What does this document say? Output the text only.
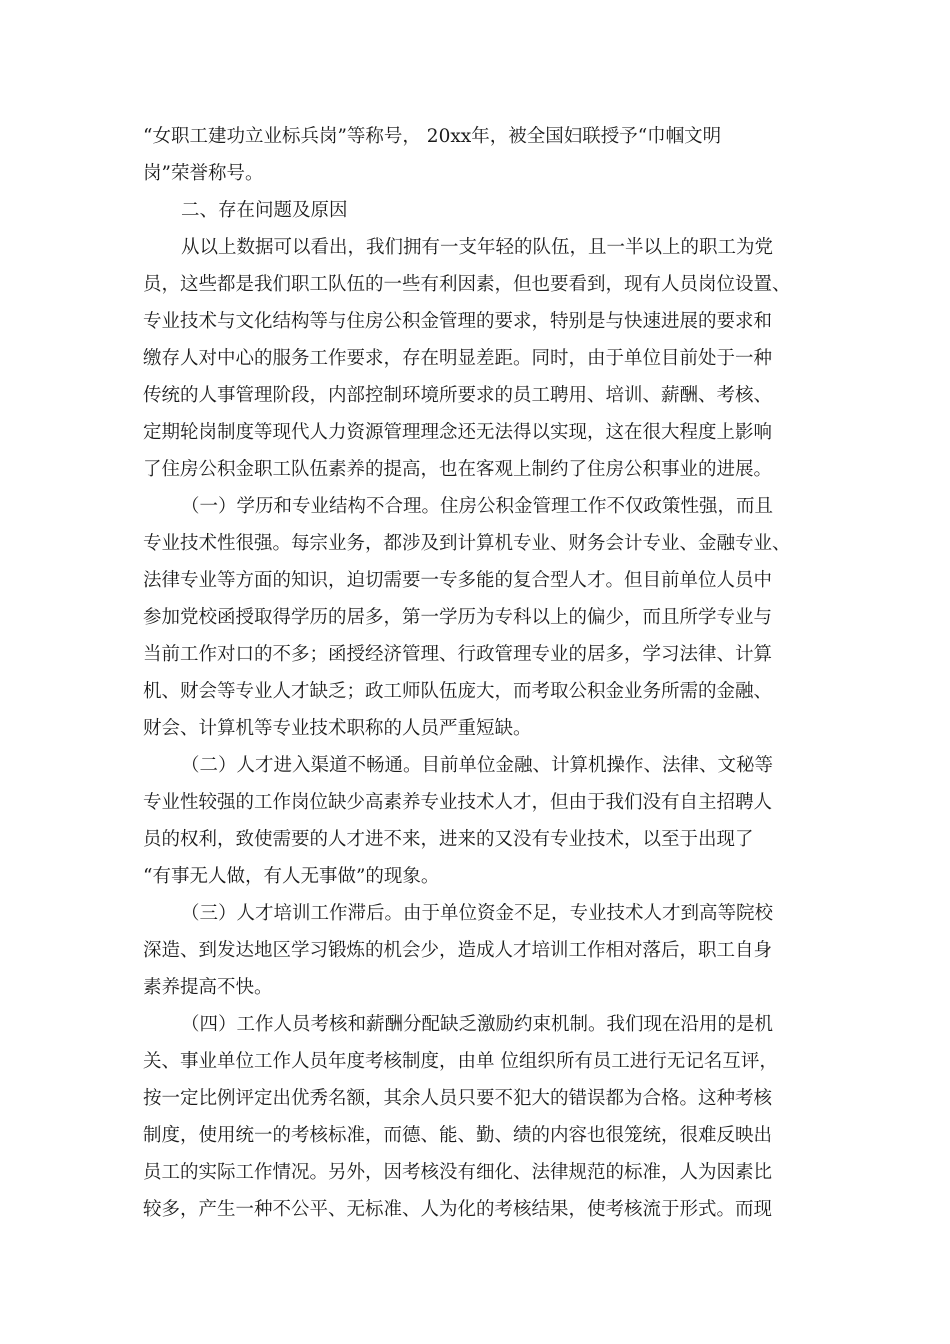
“女职工建功立业标兵岗”等称号， 20xx年，被全国妇联授予“巾帼文明
岗”荣誉称号。
二、存在问题及原因
从以上数据可以看出，我们拥有一支年轻的队伍，且一半以上的职工为党
员，这些都是我们职工队伍的一些有利因素，但也要看到，现有人员岗位设置、
专业技术与文化结构等与住房公积金管理的要求，特别是与快速进展的要求和
缴存人对中心的服务工作要求，存在明显差距。同时，由于单位目前处于一种
传统的人事管理阶段，内部控制环境所要求的员工聘用、培训、薪酬、考核、
定期轮岗制度等现代人力资源管理理念还无法得以实现，这在很大程度上影响
了住房公积金职工队伍素养的提高，也在客观上制约了住房公积事业的进展。
（一）学历和专业结构不合理。住房公积金管理工作不仅政策性强，而且
专业技术性很强。每宗业务，都涉及到计算机专业、财务会计专业、金融专业、
法律专业等方面的知识，迫切需要一专多能的复合型人才。但目前单位人员中
参加党校函授取得学历的居多，第一学历为专科以上的偏少，而且所学专业与
当前工作对口的不多；函授经济管理、行政管理专业的居多，学习法律、计算
机、财会等专业人才缺乏；政工师队伍庞大，而考取公积金业务所需的金融、
财会、计算机等专业技术职称的人员严重短缺。
（二）人才进入渠道不畅通。目前单位金融、计算机操作、法律、文秘等
专业性较强的工作岗位缺少高素养专业技术人才，但由于我们没有自主招聘人
员的权利，致使需要的人才进不来，进来的又没有专业技术，以至于出现了
“有事无人做，有人无事做”的现象。
（三）人才培训工作滞后。由于单位资金不足，专业技术人才到高等院校
深造、到发达地区学习锻炼的机会少，造成人才培训工作相对落后，职工自身
素养提高不快。
（四）工作人员考核和薪酬分配缺乏激励约束机制。我们现在沿用的是机
关、事业单位工作人员年度考核制度，由单 位组织所有员工进行无记名互评，
按一定比例评定出优秀名额，其余人员只要不犯大的错误都为合格。这种考核
制度，使用统一的考核标准，而德、能、勤、绩的内容也很笼统，很难反映出
员工的实际工作情况。另外，因考核没有细化、法律规范的标准，人为因素比
较多，产生一种不公平、无标准、人为化的考核结果，使考核流于形式。而现
